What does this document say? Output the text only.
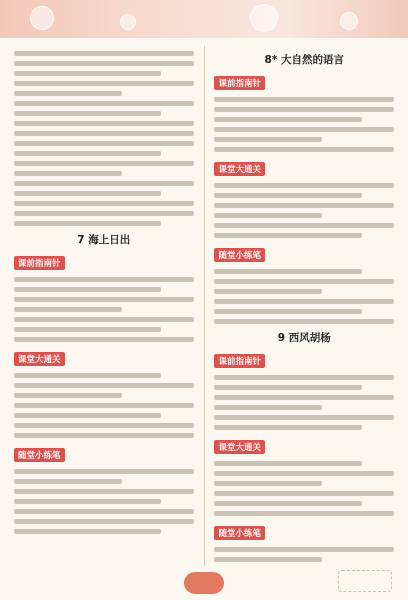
7 海上日出
课前指南针
课堂大通关
随堂小练笔
8* 大自然的语言
课前指南针
课堂大通关
随堂小练笔
9 西风胡杨
课前指南针
课堂大通关
随堂小练笔
